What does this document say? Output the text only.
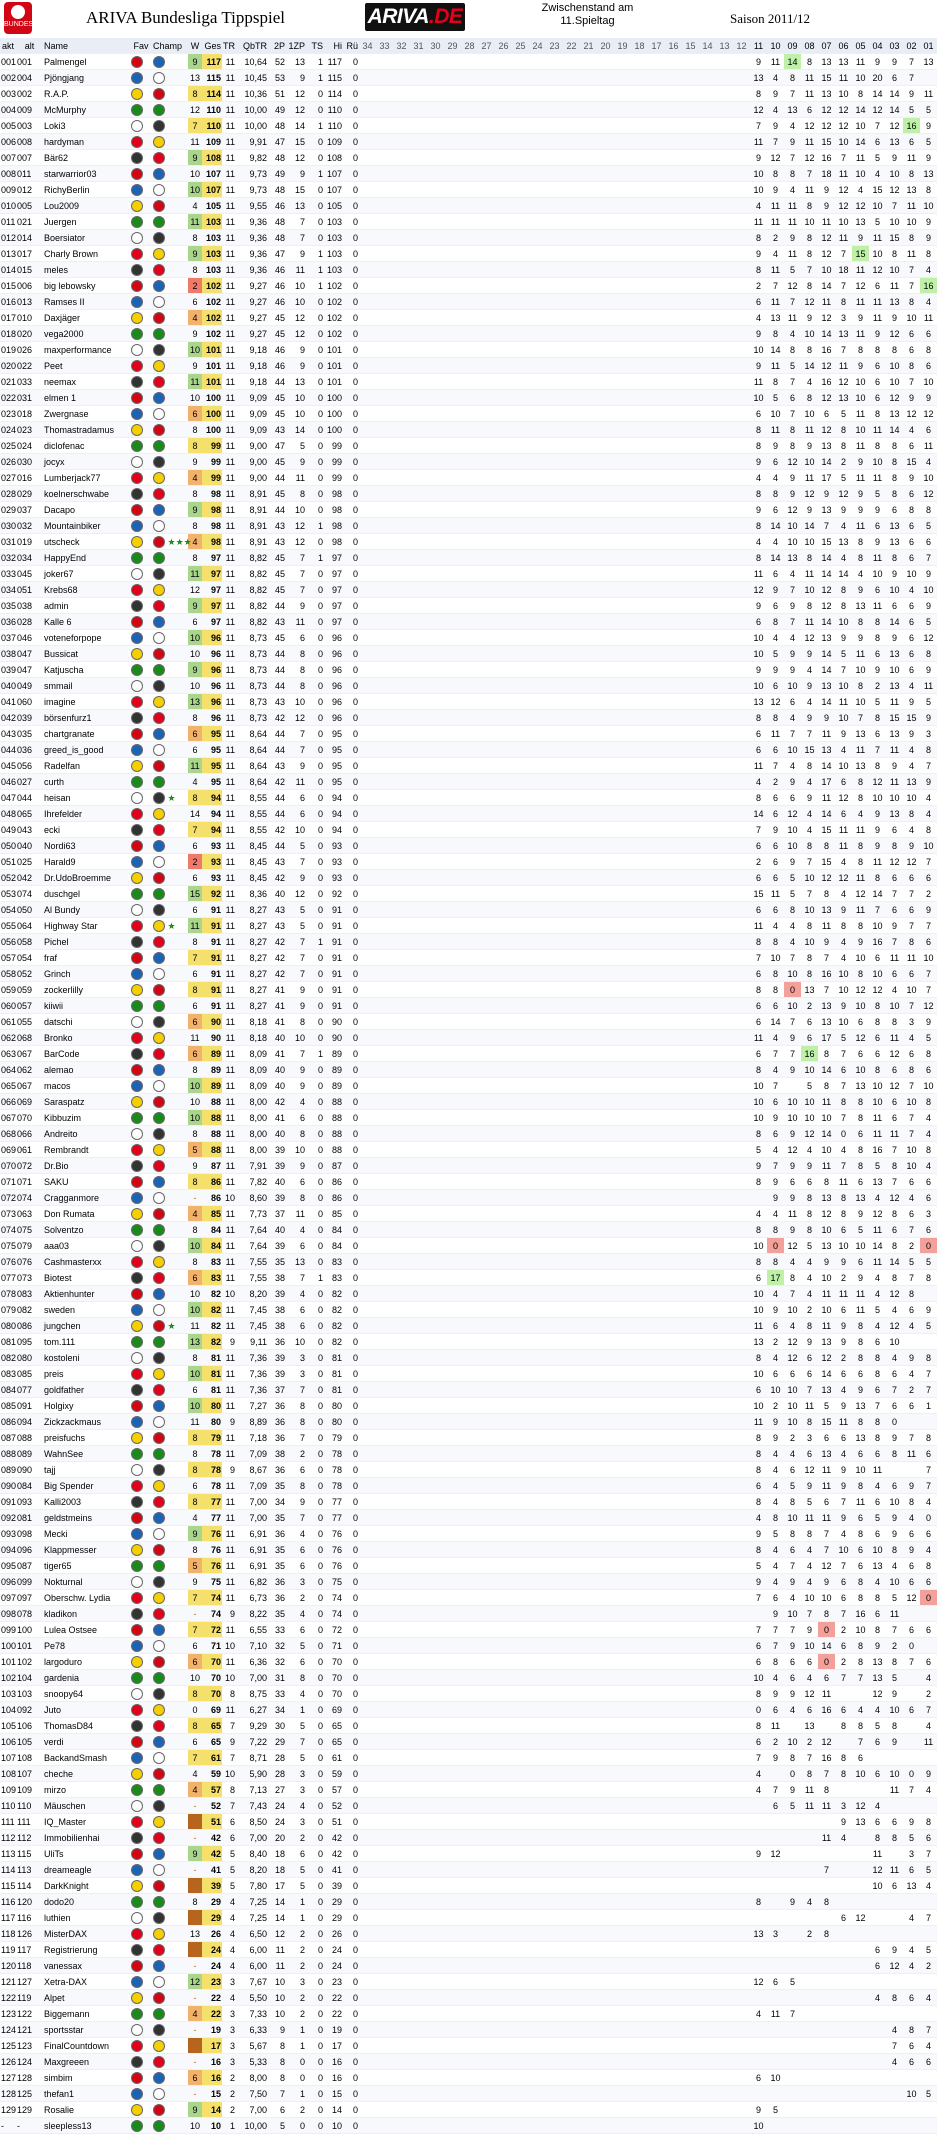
BUNDESLIGA ARIVA Bundesliga Tippspiel	ARIVA.DE	Zwischenstand am
11.Spieltag	Saison 2011/12
akt	alt	Name	Fav	Champ	W	Ges	TR	QbTR	2P	1ZP	TS	Hi	Rü	34	33	32	31	30	29	28	27	26	25	24	23	22	21	20	19	18	17	16	15	14	13	12	11	10	09	08	07	06	05	04	03	02	01
001	001	Palmengel			9	117	11	10,64	52	13	1	117	0																								9	11	14	8	13	13	11	9	9	7	13
002	004	Pjöngjang			13	115	11	10,45	53	9	1	115	0																								13	4	8	11	15	11	10	20	6	7	
003	002	R.A.P.			8	114	11	10,36	51	12	0	114	0																								8	9	7	11	13	10	8	14	14	9	11
004	009	McMurphy			12	110	11	10,00	49	12	0	110	0																								12	4	13	6	12	12	14	12	14	5	5
005	003	Loki3			7	110	11	10,00	48	14	1	110	0																								7	9	4	12	12	12	10	7	12	16	9
006	008	hardyman			11	109	11	9,91	47	15	0	109	0																								11	7	9	11	15	10	14	6	13	6	5
007	007	Bär62			9	108	11	9,82	48	12	0	108	0																								9	12	7	12	16	7	11	5	9	11	9
008	011	starwarrior03			10	107	11	9,73	49	9	1	107	0																								10	8	8	7	18	11	10	4	10	8	13
009	012	RichyBerlin			10	107	11	9,73	48	15	0	107	0																								10	9	4	11	9	12	4	15	12	13	8
010	005	Lou2009			4	105	11	9,55	46	13	0	105	0																								4	11	11	8	9	12	12	10	7	11	10
011	021	Juergen			11	103	11	9,36	48	7	0	103	0																								11	11	11	10	11	10	13	5	10	10	9
012	014	Boersiator			8	103	11	9,36	48	7	0	103	0																								8	2	9	8	12	11	9	11	15	8	9
013	017	Charly Brown			9	103	11	9,36	47	9	1	103	0																								9	4	11	8	12	7	15	10	8	11	8
014	015	meles			8	103	11	9,36	46	11	1	103	0																								8	11	5	7	10	18	11	12	10	7	4
015	006	big lebowsky			2	102	11	9,27	46	10	1	102	0																								2	7	12	8	14	7	12	6	11	7	16
016	013	Ramses II			6	102	11	9,27	46	10	0	102	0																								6	11	7	12	11	8	11	11	13	8	4
017	010	Daxjäger			4	102	11	9,27	45	12	0	102	0																								4	13	11	9	12	3	9	11	9	10	11
018	020	vega2000			9	102	11	9,27	45	12	0	102	0																								9	8	4	10	14	13	11	9	12	6	6
019	026	maxperformance			10	101	11	9,18	46	9	0	101	0																								10	14	8	8	16	7	8	8	8	6	8
020	022	Peet			9	101	11	9,18	46	9	0	101	0																								9	11	5	14	12	11	9	6	10	8	6
021	033	neemax			11	101	11	9,18	44	13	0	101	0																								11	8	7	4	16	12	10	6	10	7	10
022	031	elmen 1			10	100	11	9,09	45	10	0	100	0																								10	5	6	8	12	13	10	6	12	9	9
023	018	Zwergnase			6	100	11	9,09	45	10	0	100	0																								6	10	7	10	6	5	11	8	13	12	12
024	023	Thomastradamus			8	100	11	9,09	43	14	0	100	0																								8	11	8	11	12	8	10	11	14	4	6
025	024	diclofenac			8	99	11	9,00	47	5	0	99	0																								8	9	8	9	13	8	11	8	8	6	11
026	030	jocyx			9	99	11	9,00	45	9	0	99	0																								9	6	12	10	14	2	9	10	8	15	4
027	016	Lumberjack77			4	99	11	9,00	44	11	0	99	0																								4	4	9	11	17	5	11	11	8	9	10
028	029	koelnerschwabe			8	98	11	8,91	45	8	0	98	0																								8	8	9	12	9	12	9	5	8	6	12
029	037	Dacapo			9	98	11	8,91	44	10	0	98	0																								9	6	12	9	13	9	9	9	6	8	8
030	032	Mountainbiker			8	98	11	8,91	43	12	1	98	0																								8	14	10	14	7	4	11	6	13	6	5
031	019	utscheck		★★★	4	98	11	8,91	43	12	0	98	0																								4	4	10	10	15	13	8	9	13	6	6
032	034	HappyEnd			8	97	11	8,82	45	7	1	97	0																								8	14	13	8	14	4	8	11	8	6	7
033	045	joker67			11	97	11	8,82	45	7	0	97	0																								11	6	4	11	14	14	4	10	9	10	9
034	051	Krebs68			12	97	11	8,82	45	7	0	97	0																								12	9	7	10	12	8	9	6	10	4	10
035	038	admin			9	97	11	8,82	44	9	0	97	0																								9	6	9	8	12	8	13	11	6	6	9
036	028	Kalle 6			6	97	11	8,82	43	11	0	97	0																								6	8	7	11	14	10	8	8	14	6	5
037	046	voteneforpope			10	96	11	8,73	45	6	0	96	0																								10	4	4	12	13	9	9	8	9	6	12
038	047	Bussicat			10	96	11	8,73	44	8	0	96	0																								10	5	9	9	14	5	11	6	13	6	8
039	047	Katjuscha			9	96	11	8,73	44	8	0	96	0																								9	9	9	4	14	7	10	9	10	6	9
040	049	smmail			10	96	11	8,73	44	8	0	96	0																								10	6	10	9	13	10	8	2	13	4	11
041	060	imagine			13	96	11	8,73	43	10	0	96	0																								13	12	6	4	14	11	10	5	11	9	5
042	039	börsenfurz1			8	96	11	8,73	42	12	0	96	0																								8	8	4	9	9	10	7	8	15	15	9
043	035	chartgranate			6	95	11	8,64	44	7	0	95	0																								6	11	7	7	11	9	13	6	13	9	3
044	036	greed_is_good			6	95	11	8,64	44	7	0	95	0																								6	6	10	15	13	4	11	7	11	4	8
045	056	Radelfan			11	95	11	8,64	43	9	0	95	0																								11	7	4	8	14	10	13	8	9	4	7
046	027	curth			4	95	11	8,64	42	11	0	95	0																								4	2	9	4	17	6	8	12	11	13	9
047	044	heisan		★	8	94	11	8,55	44	6	0	94	0																								8	6	6	9	11	12	8	10	10	10	4
048	065	Ihrefelder			14	94	11	8,55	44	6	0	94	0																								14	6	12	4	14	6	4	9	13	8	4
049	043	ecki			7	94	11	8,55	42	10	0	94	0																								7	9	10	4	15	11	11	9	6	4	8
050	040	Nordi63			6	93	11	8,45	44	5	0	93	0																								6	6	10	8	8	11	8	9	8	9	10
051	025	Harald9			2	93	11	8,45	43	7	0	93	0																								2	6	9	7	15	4	8	11	12	12	7
052	042	Dr.UdoBroemme			6	93	11	8,45	42	9	0	93	0																								6	6	5	10	12	12	11	8	6	6	6
053	074	duschgel			15	92	11	8,36	40	12	0	92	0																								15	11	5	7	8	4	12	14	7	7	2
054	050	Al Bundy			6	91	11	8,27	43	5	0	91	0																								6	6	8	10	13	9	11	7	6	6	9
055	064	Highway Star		★	11	91	11	8,27	43	5	0	91	0																								11	4	4	8	11	8	8	10	9	7	7
056	058	Pichel			8	91	11	8,27	42	7	1	91	0																								8	8	4	10	9	4	9	16	7	8	6
057	054	fraf			7	91	11	8,27	42	7	0	91	0																								7	10	7	8	7	4	10	6	11	11	10
058	052	Grinch			6	91	11	8,27	42	7	0	91	0																								6	8	10	8	16	10	8	10	6	6	7
059	059	zockerlilly			8	91	11	8,27	41	9	0	91	0																								8	8	0	13	7	10	12	12	4	10	7
060	057	kiiwii			6	91	11	8,27	41	9	0	91	0																								6	6	10	2	13	9	10	8	10	7	12
061	055	datschi			6	90	11	8,18	41	8	0	90	0																								6	14	7	6	13	10	6	8	8	3	9
062	068	Bronko			11	90	11	8,18	40	10	0	90	0																								11	4	9	6	17	5	12	6	11	4	5
063	067	BarCode			6	89	11	8,09	41	7	1	89	0																								6	7	7	16	8	7	6	6	12	6	8
064	062	alemao			8	89	11	8,09	40	9	0	89	0																								8	4	9	10	14	6	10	8	6	8	6
065	067	macos			10	89	11	8,09	40	9	0	89	0																								10	7		5	8	7	13	10	12	7	10
066	069	Saraspatz			10	88	11	8,00	42	4	0	88	0																								10	6	10	10	11	8	8	10	6	10	8
067	070	Kibbuzim			10	88	11	8,00	41	6	0	88	0																								10	9	10	10	10	7	8	11	6	7	4
068	066	Andreito			8	88	11	8,00	40	8	0	88	0																								8	6	9	12	14	0	6	11	11	7	4
069	061	Rembrandt			5	88	11	8,00	39	10	0	88	0																								5	4	12	4	10	4	8	16	7	10	8
070	072	Dr.Bio			9	87	11	7,91	39	9	0	87	0																								9	7	9	9	11	7	8	5	8	10	4
071	071	SAKU			8	86	11	7,82	40	6	0	86	0																								8	9	6	6	8	11	6	13	7	6	6
072	074	Cragganmore			-	86	10	8,60	39	8	0	86	0																									9	9	8	13	8	13	4	12	4	6
073	063	Don Rumata			4	85	11	7,73	37	11	0	85	0																								4	4	11	8	12	8	9	12	8	6	3
074	075	Solventzo			8	84	11	7,64	40	4	0	84	0																								8	8	9	8	10	6	5	11	6	7	6
075	079	aaa03			10	84	11	7,64	39	6	0	84	0																								10	0	12	5	13	10	10	14	8	2	0
076	076	Cashmasterxx			8	83	11	7,55	35	13	0	83	0																								8	8	4	4	9	9	6	11	14	5	5
077	073	Biotest			6	83	11	7,55	38	7	1	83	0																								6	17	8	4	10	2	9	4	8	7	8
078	083	Aktienhunter			10	82	10	8,20	39	4	0	82	0																								10	4	7	4	11	11	11	4	12	8	
079	082	sweden			10	82	11	7,45	38	6	0	82	0																								10	9	10	2	10	6	11	5	4	6	9
080	086	jungchen		★	11	82	11	7,45	38	6	0	82	0																								11	6	4	8	11	9	8	4	12	4	5
081	095	tom.111			13	82	9	9,11	36	10	0	82	0																								13	2	12	9	13	9	8	6	10		
082	080	kostoleni			8	81	11	7,36	39	3	0	81	0																								8	4	12	6	12	2	8	8	4	9	8
083	085	preis			10	81	11	7,36	39	3	0	81	0																								10	6	6	6	14	6	6	8	6	4	7
084	077	goldfather			6	81	11	7,36	37	7	0	81	0																								6	10	10	7	13	4	9	6	7	2	7
085	091	Holgixy			10	80	11	7,27	36	8	0	80	0																								10	2	10	11	5	9	13	7	6	6	1
086	094	Zickzackmaus			11	80	9	8,89	36	8	0	80	0																								11	9	10	8	15	11	8	8	0		
087	088	preisfuchs			8	79	11	7,18	36	7	0	79	0																								8	9	2	3	6	6	13	8	9	7	8
088	089	WahnSee			8	78	11	7,09	38	2	0	78	0																								8	4	4	6	13	4	6	6	8	11	6
089	090	tajj			8	78	9	8,67	36	6	0	78	0																								8	4	6	12	11	9	10	11			7
090	084	Big Spender			6	78	11	7,09	35	8	0	78	0																								6	4	5	9	11	9	8	4	6	9	7
091	093	Kalli2003			8	77	11	7,00	34	9	0	77	0																								8	4	8	5	6	7	11	6	10	8	4
092	081	geldstmeins			4	77	11	7,00	35	7	0	77	0																								4	8	10	11	11	9	6	5	9	4	0
093	098	Mecki			9	76	11	6,91	36	4	0	76	0																								9	5	8	8	7	4	8	6	9	6	6
094	096	Klappmesser			8	76	11	6,91	35	6	0	76	0																								8	4	6	4	7	10	6	10	8	9	4
095	087	tiger65			5	76	11	6,91	35	6	0	76	0																								5	4	7	4	12	7	6	13	4	6	8
096	099	Nokturnal			9	75	11	6,82	36	3	0	75	0																								9	4	9	4	9	6	8	4	10	6	6
097	097	Oberschw. Lydia			7	74	11	6,73	36	2	0	74	0																								7	6	4	10	10	6	8	8	5	12	0
098	078	kladikon			-	74	9	8,22	35	4	0	74	0																									9	10	7	8	7	16	6	11		
099	100	Lulea Ostsee			7	72	11	6,55	33	6	0	72	0																								7	7	7	9	0	2	10	8	7	6	6
100	101	Pe78			6	71	10	7,10	32	5	0	71	0																								6	7	9	10	14	6	8	9	2	0	
101	102	largoduro			6	70	11	6,36	32	6	0	70	0																								6	8	6	6	0	2	8	13	8	7	6
102	104	gardenia			10	70	10	7,00	31	8	0	70	0																								10	4	6	4	6	7	7	13	5		4
103	103	snoopy64			8	70	8	8,75	33	4	0	70	0																								8	9	9	12	11			12	9		2
104	092	Juto			0	69	11	6,27	34	1	0	69	0																								0	6	4	6	16	6	4	4	10	6	7
105	106	ThomasD84			8	65	7	9,29	30	5	0	65	0																								8	11		13		8	8	5	8		4
106	105	verdi			6	65	9	7,22	29	7	0	65	0																								6	2	10	2	12		7	6	9		11
107	108	BackandSmash			7	61	7	8,71	28	5	0	61	0																								7	9	8	7	16	8	6				
108	107	cheche			4	59	10	5,90	28	3	0	59	0																								4		0	8	7	8	10	6	10	0	9
109	109	mirzo			4	57	8	7,13	27	3	0	57	0																								4	7	9	11	8				11	7	4
110	110	Mäuschen			-	52	7	7,43	24	4	0	52	0																									6	5	11	11	3	12	4			
111	111	IQ_Master			-	51	6	8,50	24	3	0	51	0																													9	13	6	6	9	8
112	112	Immobilienhai			-	42	6	7,00	20	2	0	42	0																												11	4		8	8	5	6
113	115	UliTs			9	42	5	8,40	18	6	0	42	0																								9	12						11		3	7
114	113	dreameagle			-	41	5	8,20	18	5	0	41	0																												7			12	11	6	5
115	114	DarkKnight			-	39	5	7,80	17	5	0	39	0																															10	6	13	4
116	120	dodo20			8	29	4	7,25	14	1	0	29	0																								8		9	4	8						
117	116	luthien			-	29	4	7,25	14	1	0	29	0																													6	12			4	7
118	126	MisterDAX			13	26	4	6,50	12	2	0	26	0																								13	3		2	8						
119	117	Registrierung			-	24	4	6,00	11	2	0	24	0																															6	9	4	5
120	118	vanessax			-	24	4	6,00	11	2	0	24	0																															6	12	4	2
121	127	Xetra-DAX			12	23	3	7,67	10	3	0	23	0																								12	6	5								
122	119	Alpet			-	22	4	5,50	10	2	0	22	0																															4	8	6	4
123	122	Biggemann			4	22	3	7,33	10	2	0	22	0																								4	11	7								
124	121	sportsstar			-	19	3	6,33	9	1	0	19	0																																4	8	7
125	123	FinalCountdown			-	17	3	5,67	8	1	0	17	0																																7	6	4
126	124	Maxgreeen			-	16	3	5,33	8	0	0	16	0																																4	6	6
127	128	simbim			6	16	2	8,00	8	0	0	16	0																								6	10									
128	125	thefan1			-	15	2	7,50	7	1	0	15	0																																	10	5
129	129	Rosalie			9	14	2	7,00	6	2	0	14	0																								9	5									
-	-	sleepless13			10	10	1	10,00	5	0	0	10	0																								10										
